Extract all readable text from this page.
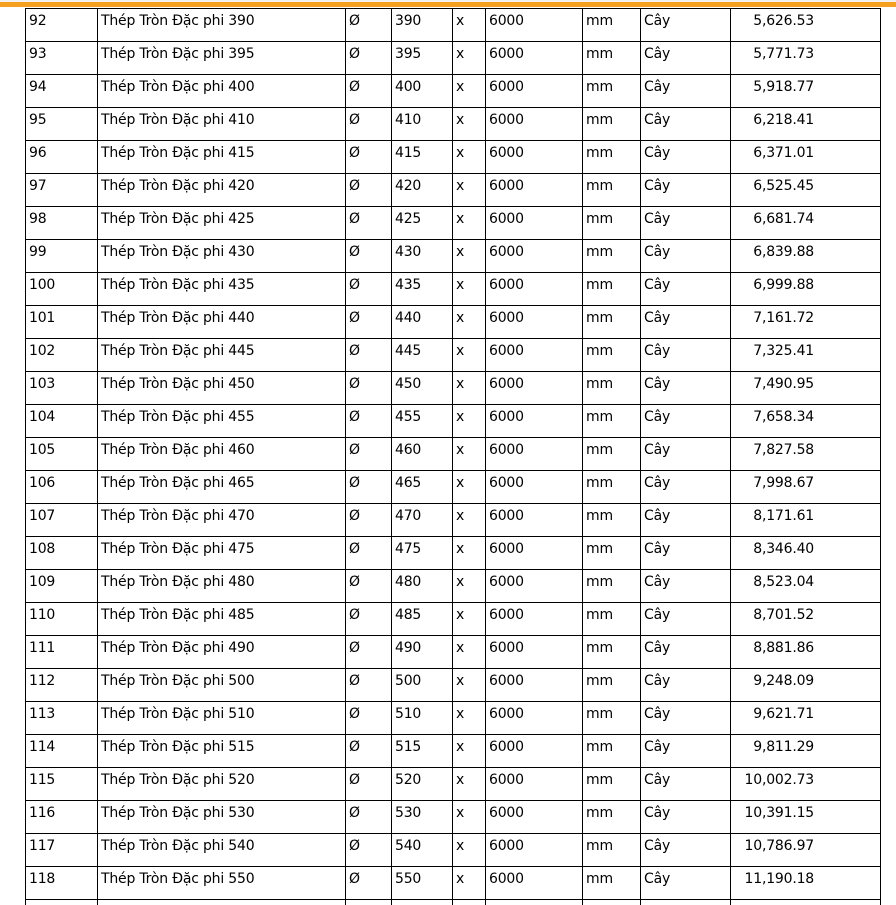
92	Thép Tròn Đặc phi 390	Ø	390	x	6000	mm	Cây	5,626.53
93	Thép Tròn Đặc phi 395	Ø	395	x	6000	mm	Cây	5,771.73
94	Thép Tròn Đặc phi 400	Ø	400	x	6000	mm	Cây	5,918.77
95	Thép Tròn Đặc phi 410	Ø	410	x	6000	mm	Cây	6,218.41
96	Thép Tròn Đặc phi 415	Ø	415	x	6000	mm	Cây	6,371.01
97	Thép Tròn Đặc phi 420	Ø	420	x	6000	mm	Cây	6,525.45
98	Thép Tròn Đặc phi 425	Ø	425	x	6000	mm	Cây	6,681.74
99	Thép Tròn Đặc phi 430	Ø	430	x	6000	mm	Cây	6,839.88
100	Thép Tròn Đặc phi 435	Ø	435	x	6000	mm	Cây	6,999.88
101	Thép Tròn Đặc phi 440	Ø	440	x	6000	mm	Cây	7,161.72
102	Thép Tròn Đặc phi 445	Ø	445	x	6000	mm	Cây	7,325.41
103	Thép Tròn Đặc phi 450	Ø	450	x	6000	mm	Cây	7,490.95
104	Thép Tròn Đặc phi 455	Ø	455	x	6000	mm	Cây	7,658.34
105	Thép Tròn Đặc phi 460	Ø	460	x	6000	mm	Cây	7,827.58
106	Thép Tròn Đặc phi 465	Ø	465	x	6000	mm	Cây	7,998.67
107	Thép Tròn Đặc phi 470	Ø	470	x	6000	mm	Cây	8,171.61
108	Thép Tròn Đặc phi 475	Ø	475	x	6000	mm	Cây	8,346.40
109	Thép Tròn Đặc phi 480	Ø	480	x	6000	mm	Cây	8,523.04
110	Thép Tròn Đặc phi 485	Ø	485	x	6000	mm	Cây	8,701.52
111	Thép Tròn Đặc phi 490	Ø	490	x	6000	mm	Cây	8,881.86
112	Thép Tròn Đặc phi 500	Ø	500	x	6000	mm	Cây	9,248.09
113	Thép Tròn Đặc phi 510	Ø	510	x	6000	mm	Cây	9,621.71
114	Thép Tròn Đặc phi 515	Ø	515	x	6000	mm	Cây	9,811.29
115	Thép Tròn Đặc phi 520	Ø	520	x	6000	mm	Cây	10,002.73
116	Thép Tròn Đặc phi 530	Ø	530	x	6000	mm	Cây	10,391.15
117	Thép Tròn Đặc phi 540	Ø	540	x	6000	mm	Cây	10,786.97
118	Thép Tròn Đặc phi 550	Ø	550	x	6000	mm	Cây	11,190.18
